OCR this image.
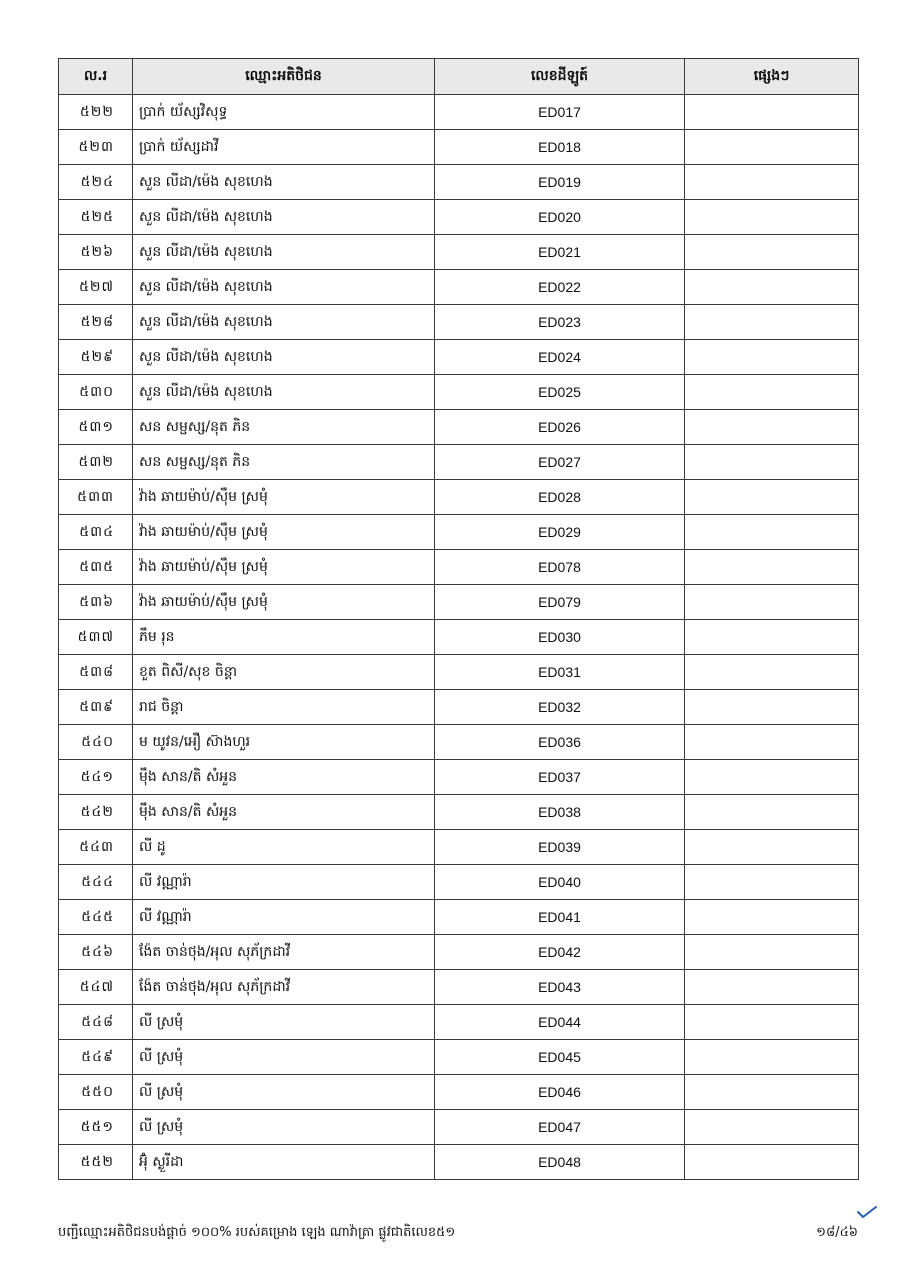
ល.រ	ឈ្មោះអតិថិជន	លេខដីឡូត៍	ផ្សេងៗ
៥២២	ប្រាក់ យ័ស្សវិសុទ្ធ	ED017	
៥២៣	ប្រាក់ យ័ស្សដាវី	ED018	
៥២៤	សួន លីដា/ម៉េង សុខហេង	ED019	
៥២៥	សួន លីដា/ម៉េង សុខហេង	ED020	
៥២៦	សួន លីដា/ម៉េង សុខហេង	ED021	
៥២៧	សួន លីដា/ម៉េង សុខហេង	ED022	
៥២៨	សួន លីដា/ម៉េង សុខហេង	ED023	
៥២៩	សួន លីដា/ម៉េង សុខហេង	ED024	
៥៣០	សួន លីដា/ម៉េង សុខហេង	ED025	
៥៣១	សន សម្ផស្ស/នុត ភិន	ED026	
៥៣២	សន សម្ផស្ស/នុត ភិន	ED027	
៥៣៣	វ៉ាង ឆាយម៉ាប់/ស៊ឹម ស្រមុំ	ED028	
៥៣៤	វ៉ាង ឆាយម៉ាប់/ស៊ឹម ស្រមុំ	ED029	
៥៣៥	វ៉ាង ឆាយម៉ាប់/ស៊ឹម ស្រមុំ	ED078	
៥៣៦	វ៉ាង ឆាយម៉ាប់/ស៊ឹម ស្រមុំ	ED079	
៥៣៧	ភឹម រុន	ED030	
៥៣៨	ខួត ពិសី/សុខ ចិន្តា	ED031	
៥៣៩	រាជ ចិន្តា	ED032	
៥៤០	ម យូវន/អឿ ស៊ាងហួរ	ED036	
៥៤១	ម៉ឹង សាន/តិ សំអួន	ED037	
៥៤២	ម៉ឹង សាន/តិ សំអួន	ED038	
៥៤៣	លី ដូ	ED039	
៥៤៤	លី វណ្ណារ៉ា	ED040	
៥៤៥	លី វណ្ណារ៉ា	ED041	
៥៤៦	ង៉ែត ចាន់ថុង/អុល សុភ័ក្រដាវី	ED042	
៥៤៧	ង៉ែត ចាន់ថុង/អុល សុភ័ក្រដាវី	ED043	
៥៤៨	លី ស្រមុំ	ED044	
៥៤៩	លី ស្រមុំ	ED045	
៥៥០	លី ស្រមុំ	ED046	
៥៥១	លី ស្រមុំ	ED047	
៥៥២	អ៊ុំ ស្ងួរីដា	ED048	
បញ្ជីឈ្មោះអតិថិជនបង់ផ្តាច់ ១០០% របស់គម្រោង ឡេង ណាវ៉ាត្រា ផ្លូវជាតិលេខ៥១	១៨/៤៦
